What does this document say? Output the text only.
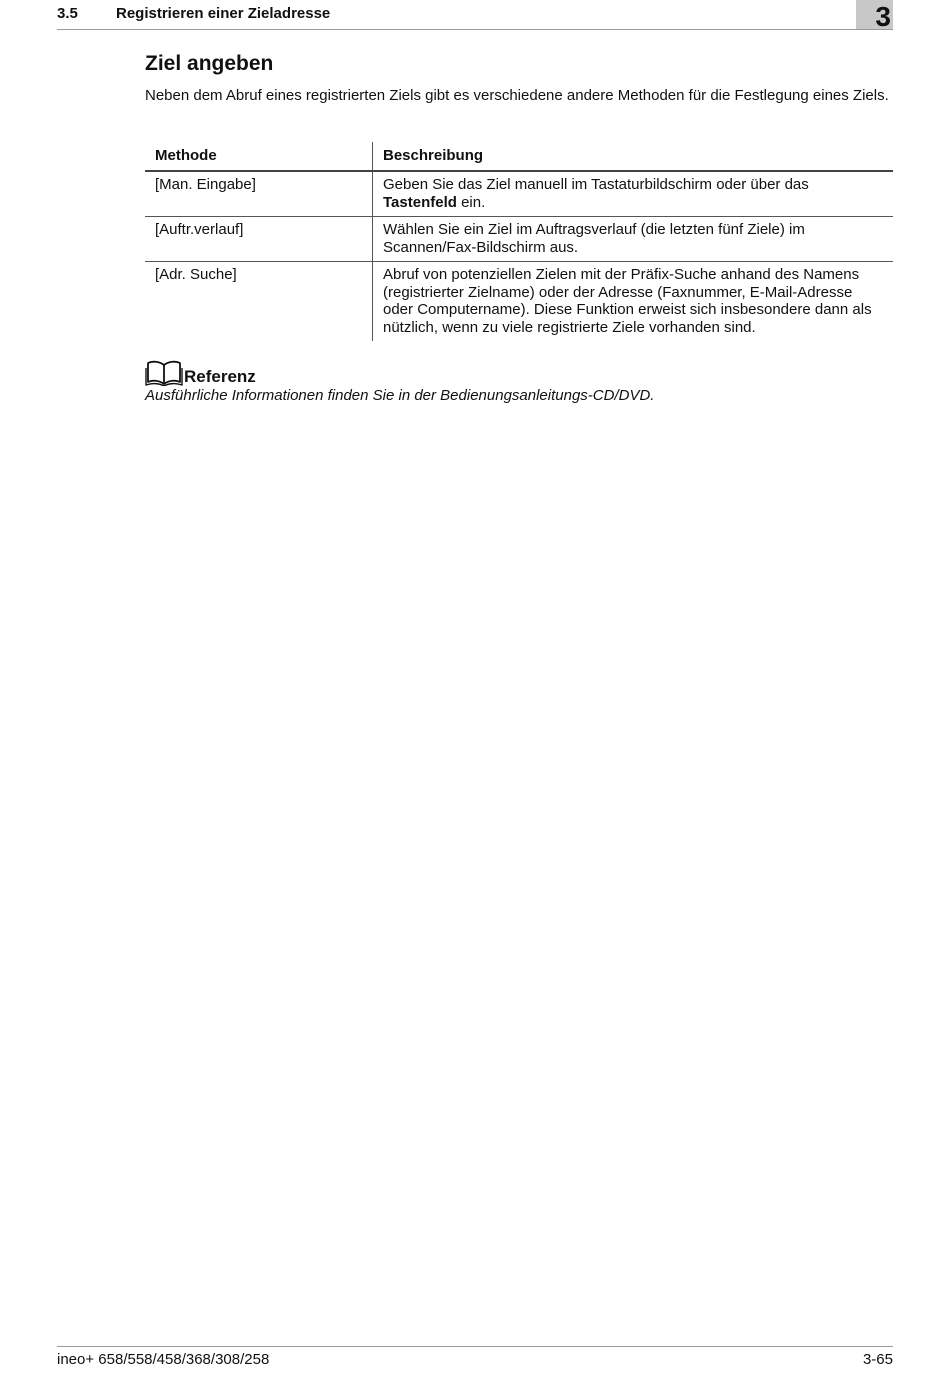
3.5	Registrieren einer Zieladresse	3
Ziel angeben

Neben dem Abruf eines registrierten Ziels gibt es verschiedene andere Methoden für die Festlegung eines Ziels.

Methode	Beschreibung
[Man. Eingabe]	Geben Sie das Ziel manuell im Tastaturbildschirm oder über das Tastenfeld ein.
[Auftr.verlauf]	Wählen Sie ein Ziel im Auftragsverlauf (die letzten fünf Ziele) im Scannen/Fax-Bildschirm aus.
[Adr. Suche]	Abruf von potenziellen Zielen mit der Präfix-Suche anhand des Namens (registrierter Zielname) oder der Adresse (Faxnummer, E-Mail-Adresse oder Computername). Diese Funktion erweist sich insbesondere dann als nützlich, wenn zu viele registrierte Ziele vorhanden sind.
Referenz

Ausführliche Informationen finden Sie in der Bedienungsanleitungs-CD/DVD.

ineo+ 658/558/458/368/308/258	3-65
